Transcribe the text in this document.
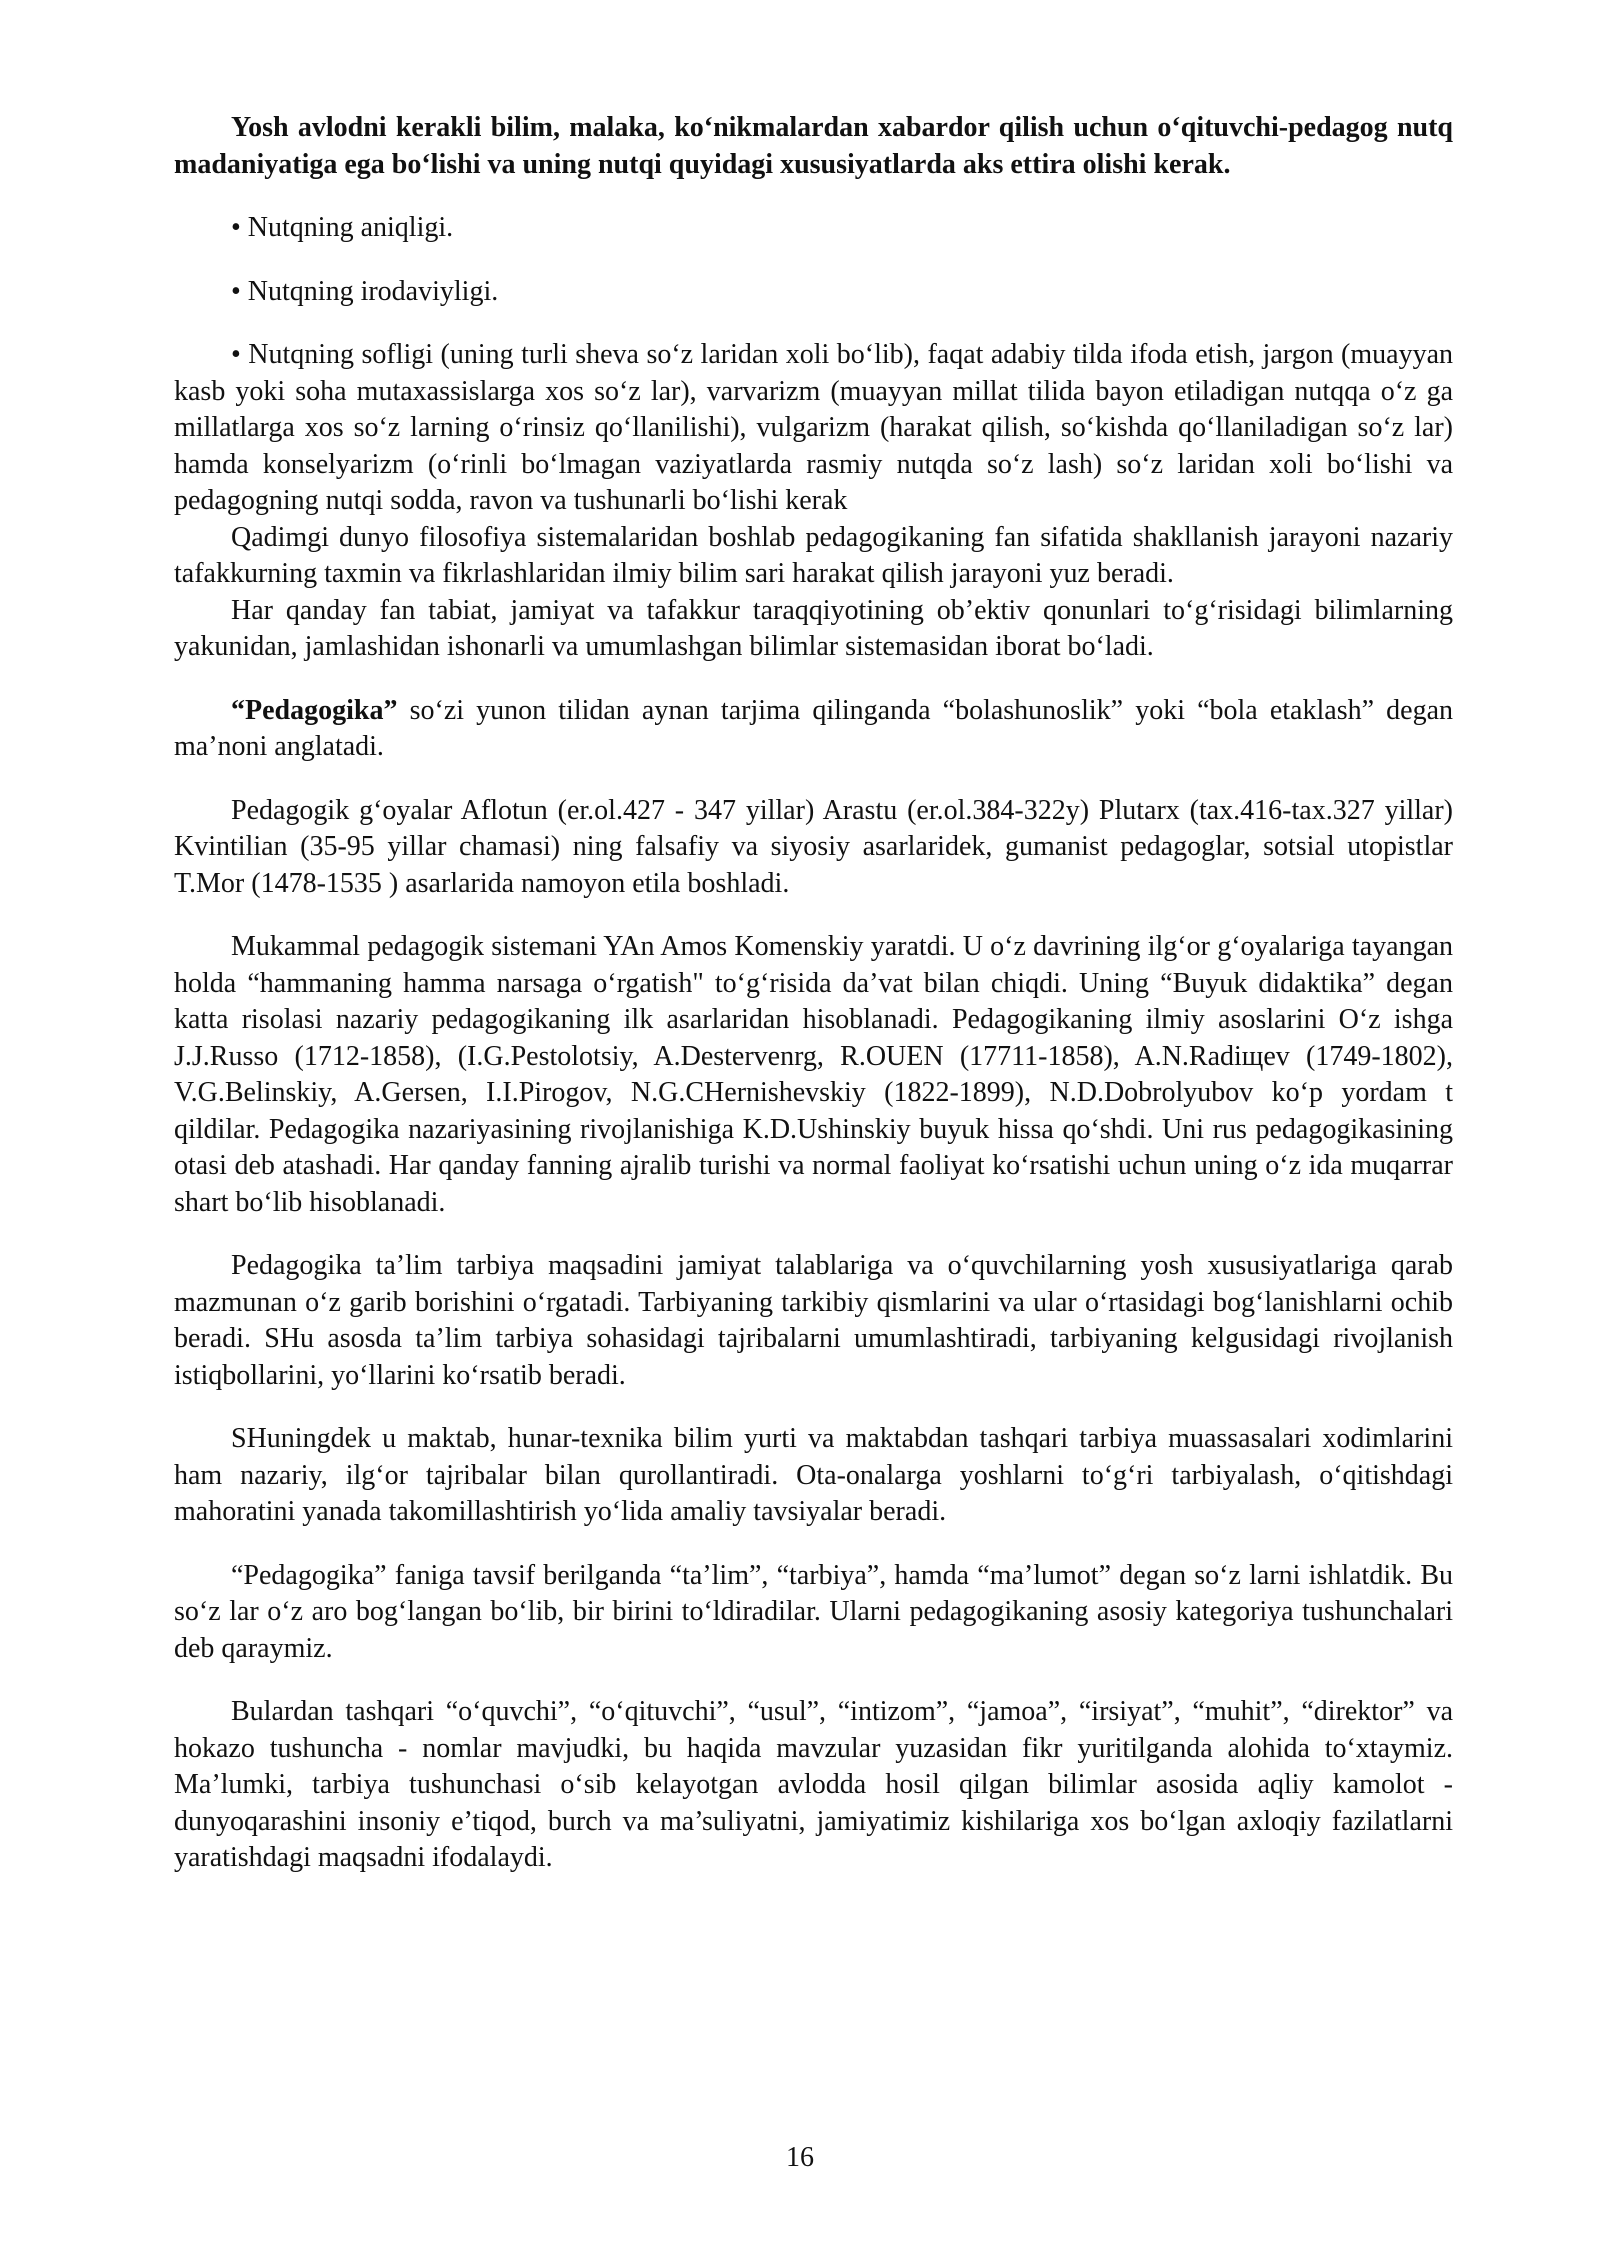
Yosh avlodni kerakli bilim, malaka, ko‘nikmalardan xabardor qilish uchun o‘qituvchi-pedagog nutq madaniyatiga ega bo‘lishi va uning nutqi quyidagi xususiyatlarda aks ettira olishi kerak.

• Nutqning aniqligi.

• Nutqning irodaviyligi.

• Nutqning sofligi (uning turli sheva so‘z laridan xoli bo‘lib), faqat adabiy tilda ifoda etish, jargon (muayyan kasb yoki soha mutaxassislarga xos so‘z lar), varvarizm (muayyan millat tilida bayon etiladigan nutqqa o‘z ga millatlarga xos so‘z larning o‘rinsiz qo‘llanilishi), vulgarizm (harakat qilish, so‘kishda qo‘llaniladigan so‘z lar) hamda konselyarizm (o‘rinli bo‘lmagan vaziyatlarda rasmiy nutqda so‘z lash) so‘z laridan xoli bo‘lishi va pedagogning nutqi sodda, ravon va tushunarli bo‘lishi kerak

Qadimgi dunyo filosofiya sistemalaridan boshlab pedagogikaning fan sifatida shakllanish jarayoni nazariy tafakkurning taxmin va fikrlashlaridan ilmiy bilim sari harakat qilish jarayoni yuz beradi.

Har qanday fan tabiat, jamiyat va tafakkur taraqqiyotining ob’ektiv qonunlari to‘g‘risidagi bilimlarning yakunidan, jamlashidan ishonarli va umumlashgan bilimlar sistemasidan iborat bo‘ladi.

“Pedagogika” so‘zi yunon tilidan aynan tarjima qilinganda “bolashunoslik” yoki “bola etaklash” degan ma’noni anglatadi.

Pedagogik g‘oyalar Aflotun (er.ol.427 - 347 yillar) Arastu (er.ol.384-322y) Plutarx (tax.416-tax.327 yillar) Kvintilian (35-95 yillar chamasi) ning falsafiy va siyosiy asarlaridek, gumanist pedagoglar, sotsial utopistlar T.Mor (1478-1535 ) asarlarida namoyon etila boshladi.

Mukammal pedagogik sistemani YAn Amos Komenskiy yaratdi. U o‘z davrining ilg‘or g‘oyalariga tayangan holda “hammaning hamma narsaga o‘rgatish" to‘g‘risida da’vat bilan chiqdi. Uning “Buyuk didaktika” degan katta risolasi nazariy pedagogikaning ilk asarlaridan hisoblanadi. Pedagogikaning ilmiy asoslarini O‘z ishga J.J.Russo (1712-1858), (I.G.Pestolotsiy, A.Destervenrg, R.OUEN (17711-1858), A.N.Radiщev (1749-1802), V.G.Belinskiy, A.Gersen, I.I.Pirogov, N.G.CHernishevskiy (1822-1899), N.D.Dobrolyubov ko‘p yordam t qildilar. Pedagogika nazariyasining rivojlanishiga K.D.Ushinskiy buyuk hissa qo‘shdi. Uni rus pedagogikasining otasi deb atashadi. Har qanday fanning ajralib turishi va normal faoliyat ko‘rsatishi uchun uning o‘z ida muqarrar shart bo‘lib hisoblanadi.

Pedagogika ta’lim tarbiya maqsadini jamiyat talablariga va o‘quvchilarning yosh xususiyatlariga qarab mazmunan o‘z garib borishini o‘rgatadi. Tarbiyaning tarkibiy qismlarini va ular o‘rtasidagi bog‘lanishlarni ochib beradi. SHu asosda ta’lim tarbiya sohasidagi tajribalarni umumlashtiradi, tarbiyaning kelgusidagi rivojlanish istiqbollarini, yo‘llarini ko‘rsatib beradi.

SHuningdek u maktab, hunar-texnika bilim yurti va maktabdan tashqari tarbiya muassasalari xodimlarini ham nazariy, ilg‘or tajribalar bilan qurollantiradi. Ota-onalarga yoshlarni to‘g‘ri tarbiyalash, o‘qitishdagi mahoratini yanada takomillashtirish yo‘lida amaliy tavsiyalar beradi.

“Pedagogika” faniga tavsif berilganda “ta’lim”, “tarbiya”, hamda “ma’lumot” degan so‘z larni ishlatdik. Bu so‘z lar o‘z aro bog‘langan bo‘lib, bir birini to‘ldiradilar. Ularni pedagogikaning asosiy kategoriya tushunchalari deb qaraymiz.

Bulardan tashqari “o‘quvchi”, “o‘qituvchi”, “usul”, “intizom”, “jamoa”, “irsiyat”, “muhit”, “direktor” va hokazo tushuncha - nomlar mavjudki, bu haqida mavzular yuzasidan fikr yuritilganda alohida to‘xtaymiz. Ma’lumki, tarbiya tushunchasi o‘sib kelayotgan avlodda hosil qilgan bilimlar asosida aqliy kamolot - dunyoqarashini insoniy e’tiqod, burch va ma’suliyatni, jamiyatimiz kishilariga xos bo‘lgan axloqiy fazilatlarni yaratishdagi maqsadni ifodalaydi.

16
